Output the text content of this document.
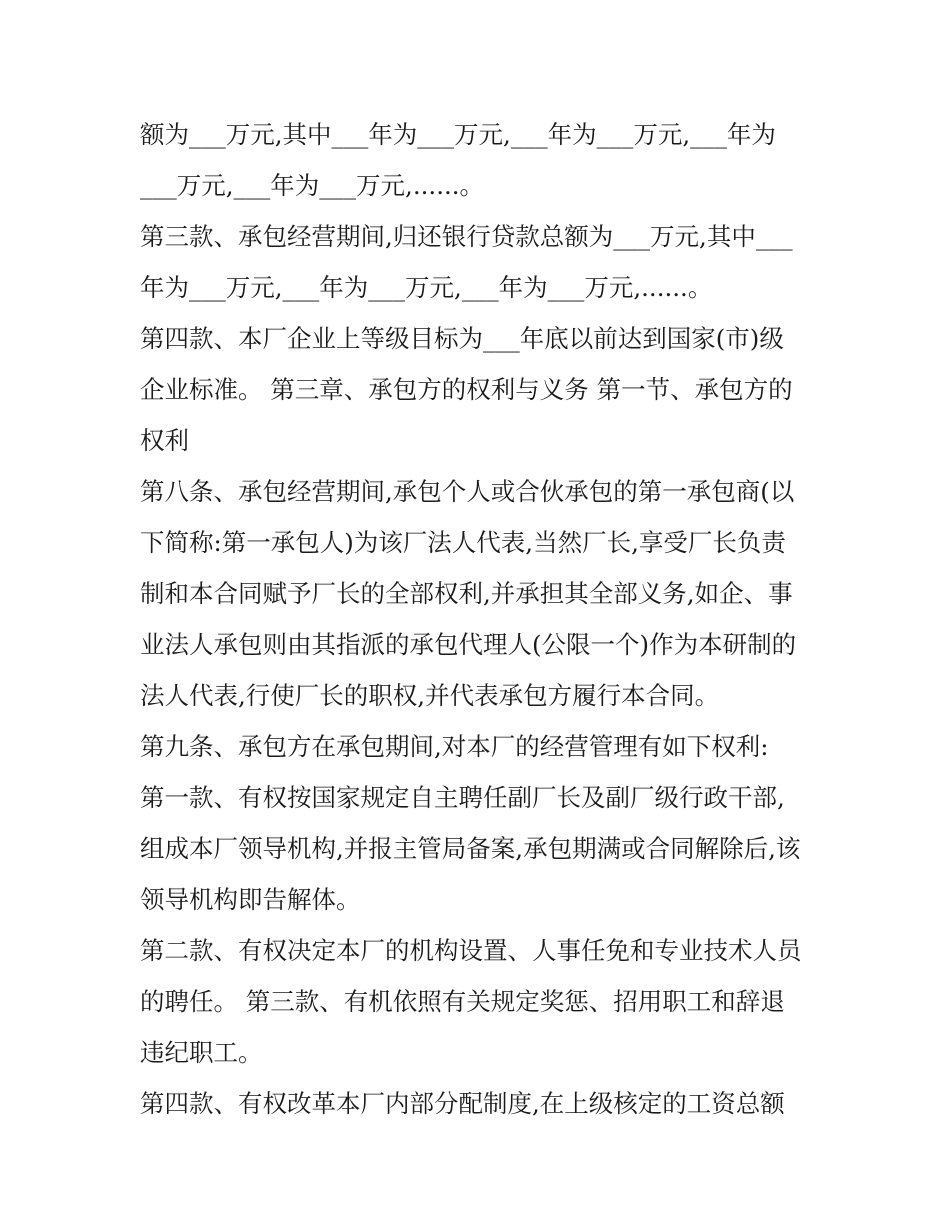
额为___万元,其中___年为___万元,___年为___万元,___年为
___万元,___年为___万元,......。
第三款、承包经营期间,归还银行贷款总额为___万元,其中___
年为___万元,___年为___万元,___年为___万元,......。
第四款、本厂企业上等级目标为___年底以前达到国家(市)级
企业标准。 第三章、承包方的权利与义务 第一节、承包方的
权利
第八条、承包经营期间,承包个人或合伙承包的第一承包商(以
下简称:第一承包人)为该厂法人代表,当然厂长,享受厂长负责
制和本合同赋予厂长的全部权利,并承担其全部义务,如企、事
业法人承包则由其指派的承包代理人(公限一个)作为本研制的
法人代表,行使厂长的职权,并代表承包方履行本合同。
第九条、承包方在承包期间,对本厂的经营管理有如下权利:
第一款、有权按国家规定自主聘任副厂长及副厂级行政干部,
组成本厂领导机构,并报主管局备案,承包期满或合同解除后,该
领导机构即告解体。
第二款、有权决定本厂的机构设置、人事任免和专业技术人员
的聘任。 第三款、有机依照有关规定奖惩、招用职工和辞退
违纪职工。
第四款、有权改革本厂内部分配制度,在上级核定的工资总额
